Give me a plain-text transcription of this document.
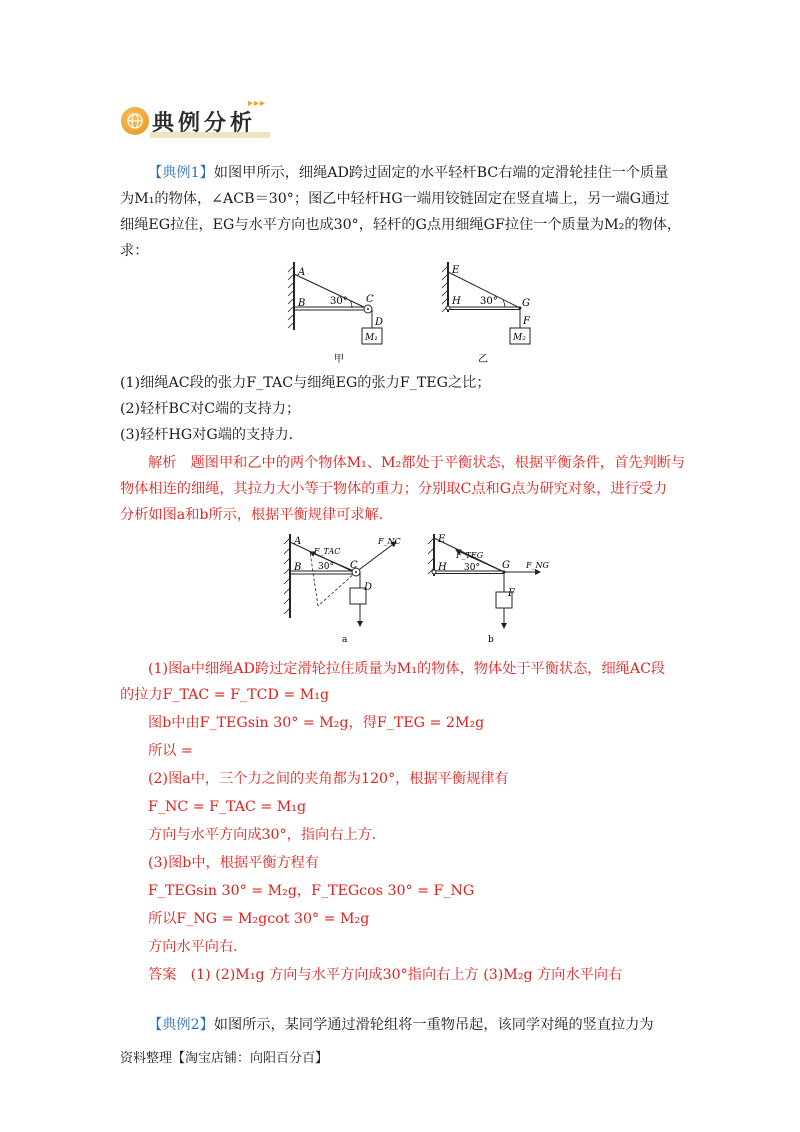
典例分析
▸▸▸
【典例1】如图甲所示，细绳AD跨过固定的水平轻杆BC右端的定滑轮挂住一个质量
为M₁的物体，∠ACB＝30°；图乙中轻杆HG一端用铰链固定在竖直墙上，另一端G通过
细绳EG拉住，EG与水平方向也成30°，轻杆的G点用细绳GF拉住一个质量为M₂的物体，
求：
A
B	C
D
30°
M₁
甲
E
H	G
F
30°
M₂
乙
(1)细绳AC段的张力F_TAC与细绳EG的张力F_TEG之比；
(2)轻杆BC对C端的支持力；
(3)轻杆HG对G端的支持力．
解析　 题图甲和乙中的两个物体M₁、M₂都处于平衡状态，根据平衡条件，首先判断与
物体相连的细绳，其拉力大小等于物体的重力；分别取C点和G点为研究对象，进行受力
分析如图a和b所示，根据平衡规律可求解．
A
B	C
D
F_TAC
F_NC
30°
a
E
H	G
F
F_TEG
F_NG
30°
b
(1)图a中细绳AD跨过定滑轮拉住质量为M₁的物体，物体处于平衡状态，细绳AC段
的拉力F_TAC = F_TCD = M₁g
图b中由F_TEGsin 30° = M₂g，得F_TEG = 2M₂g
所以 =
(2)图a中，三个力之间的夹角都为120°，根据平衡规律有
F_NC = F_TAC = M₁g
方向与水平方向成30°，指向右上方．
(3)图b中，根据平衡方程有
F_TEGsin 30° = M₂g，F_TEGcos 30° = F_NG
所以F_NG = M₂gcot 30° = M₂g
方向水平向右．
答案　 (1) (2)M₁g 方向与水平方向成30°指向右上方 (3)M₂g 方向水平向右
【典例2】如图所示，某同学通过滑轮组将一重物吊起，该同学对绳的竖直拉力为
资料整理【淘宝店铺：向阳百分百】
